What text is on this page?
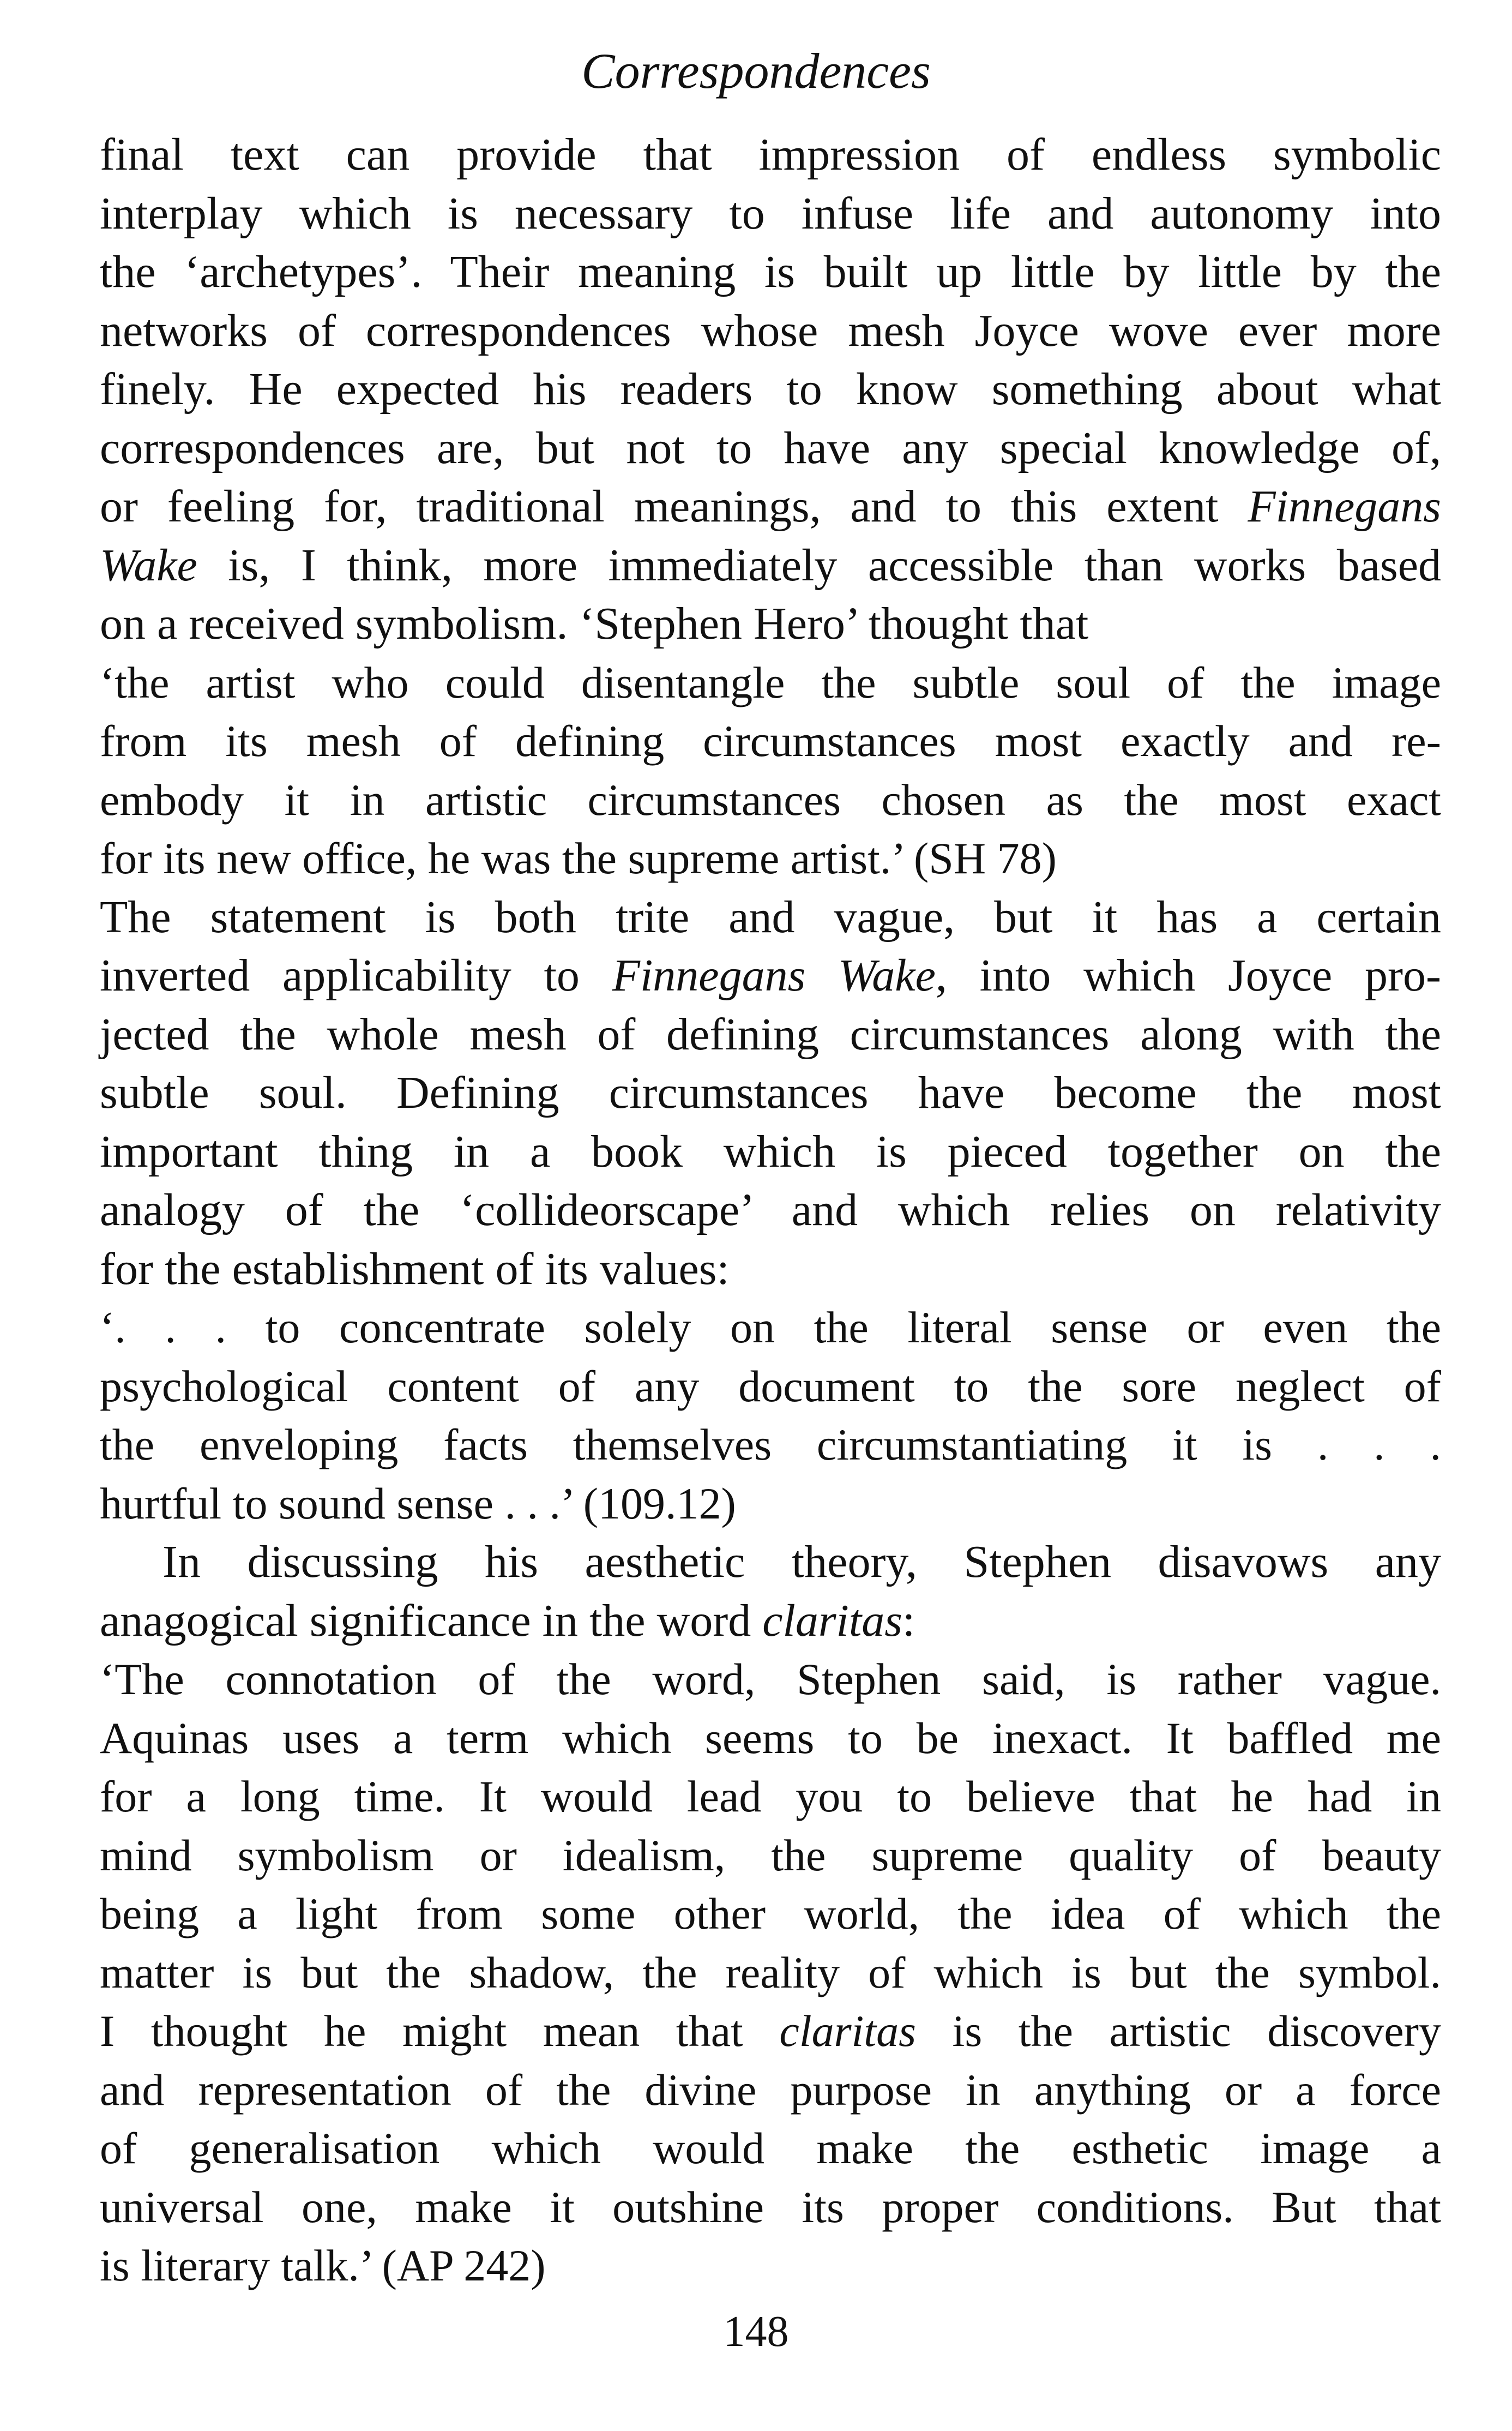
Correspondences
final text can provide that impression of endless symbolic
interplay which is necessary to infuse life and autonomy into
the ‘archetypes’. Their meaning is built up little by little by the
networks of correspondences whose mesh Joyce wove ever more
finely. He expected his readers to know something about what
correspondences are, but not to have any special knowledge of,
or feeling for, traditional meanings, and to this extent Finnegans
Wake is, I think, more immediately accessible than works based
on a received symbolism. ‘Stephen Hero’ thought that
‘the artist who could disentangle the subtle soul of the image
from its mesh of defining circumstances most exactly and re-
embody it in artistic circumstances chosen as the most exact
for its new office, he was the supreme artist.’ (SH 78)
The statement is both trite and vague, but it has a certain
inverted applicability to Finnegans Wake, into which Joyce pro-
jected the whole mesh of defining circumstances along with the
subtle soul. Defining circumstances have become the most
important thing in a book which is pieced together on the
analogy of the ‘collideorscape’ and which relies on relativity
for the establishment of its values:
‘. . . to concentrate solely on the literal sense or even the
psychological content of any document to the sore neglect of
the enveloping facts themselves circumstantiating it is . . .
hurtful to sound sense . . .’ (109.12)
In discussing his aesthetic theory, Stephen disavows any
anagogical significance in the word claritas:
‘The connotation of the word, Stephen said, is rather vague.
Aquinas uses a term which seems to be inexact. It baffled me
for a long time. It would lead you to believe that he had in
mind symbolism or idealism, the supreme quality of beauty
being a light from some other world, the idea of which the
matter is but the shadow, the reality of which is but the symbol.
I thought he might mean that claritas is the artistic discovery
and representation of the divine purpose in anything or a force
of generalisation which would make the esthetic image a
universal one, make it outshine its proper conditions. But that
is literary talk.’ (AP 242)
148
